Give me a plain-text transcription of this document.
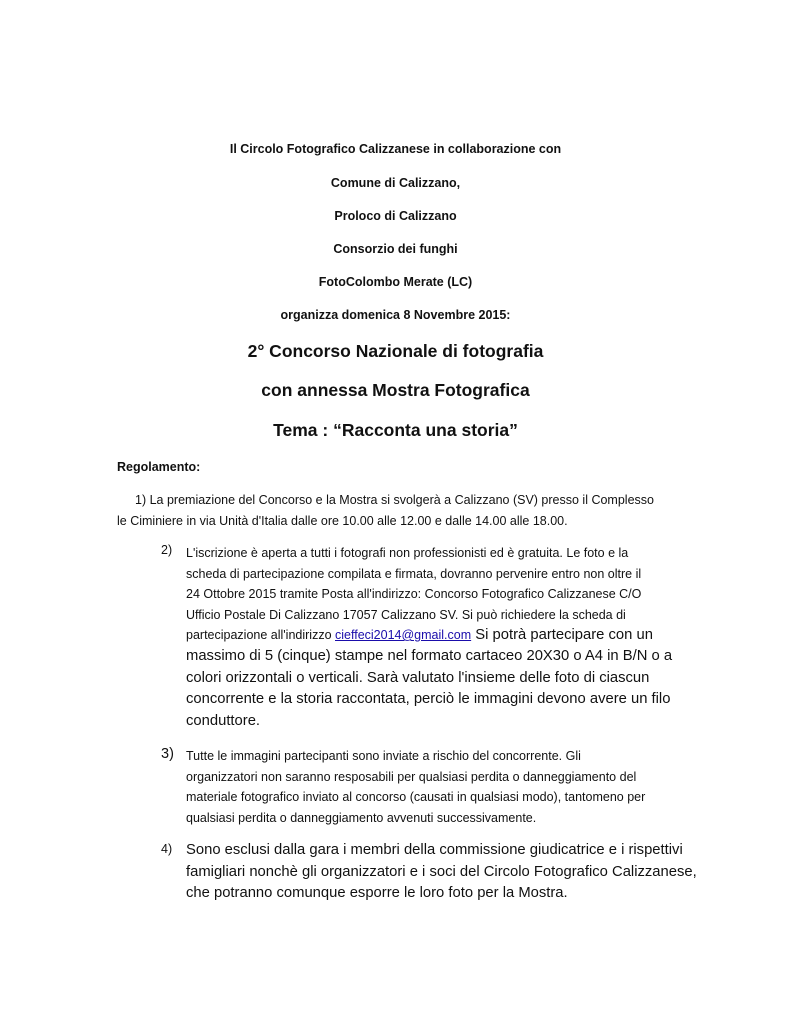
Il Circolo Fotografico Calizzanese in collaborazione con
Comune di Calizzano,
Proloco di Calizzano
Consorzio dei funghi
FotoColombo Merate (LC)
organizza domenica 8 Novembre 2015:
2° Concorso Nazionale di fotografia
con annessa Mostra Fotografica
Tema : “Racconta una storia”
Regolamento:
1) La premiazione del Concorso e la Mostra si svolgerà a Calizzano (SV) presso il Complesso
le Ciminiere in via Unità d'Italia dalle ore 10.00 alle 12.00 e dalle 14.00 alle 18.00.
2) L'iscrizione è aperta a tutti i fotografi non professionisti ed è gratuita. Le foto e la
scheda di partecipazione compilata e firmata, dovranno pervenire entro non oltre il
24 Ottobre 2015 tramite Posta all'indirizzo: Concorso Fotografico Calizzanese C/O
Ufficio Postale Di Calizzano 17057 Calizzano SV. Si può richiedere la scheda di
partecipazione all'indirizzo cieffeci2014@gmail.com Si potrà partecipare con un
massimo di 5 (cinque) stampe nel formato cartaceo 20X30 o A4 in B/N o a
colori orizzontali o verticali. Sarà valutato l'insieme delle foto di ciascun
concorrente e la storia raccontata, perciò le immagini devono avere un filo
conduttore.
3) Tutte le immagini partecipanti sono inviate a rischio del concorrente. Gli
organizzatori non saranno resposabili per qualsiasi perdita o danneggiamento del
materiale fotografico inviato al concorso (causati in qualsiasi modo), tantomeno per
qualsiasi perdita o danneggiamento avvenuti successivamente.
4) Sono esclusi dalla gara i membri della commissione giudicatrice e i rispettivi
famigliari nonchè gli organizzatori e i soci del Circolo Fotografico Calizzanese,
che potranno comunque esporre le loro foto per la Mostra.
